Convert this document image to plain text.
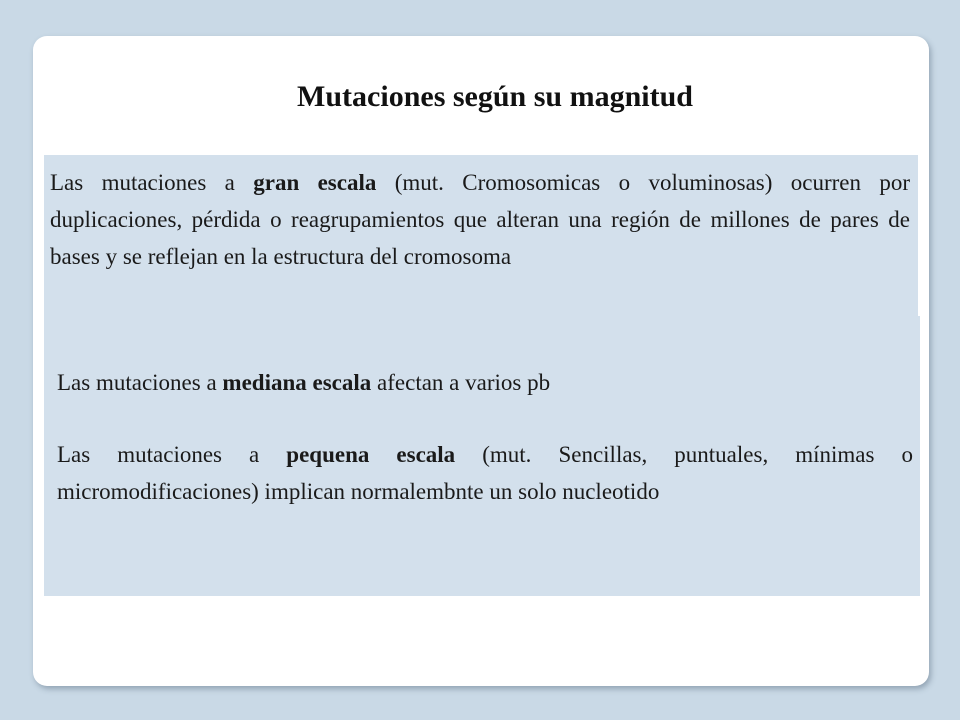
Mutaciones según su magnitud

Las mutaciones a gran escala (mut. Cromosomicas o voluminosas) ocurren por duplicaciones, pérdida o reagrupamientos que alteran una región de millones de pares de bases y se reflejan en la estructura del cromosoma

Las mutaciones a mediana escala afectan a varios pb

Las mutaciones a pequena escala (mut. Sencillas, puntuales, mínimas o micromodificaciones) implican normalembnte un solo nucleotido
